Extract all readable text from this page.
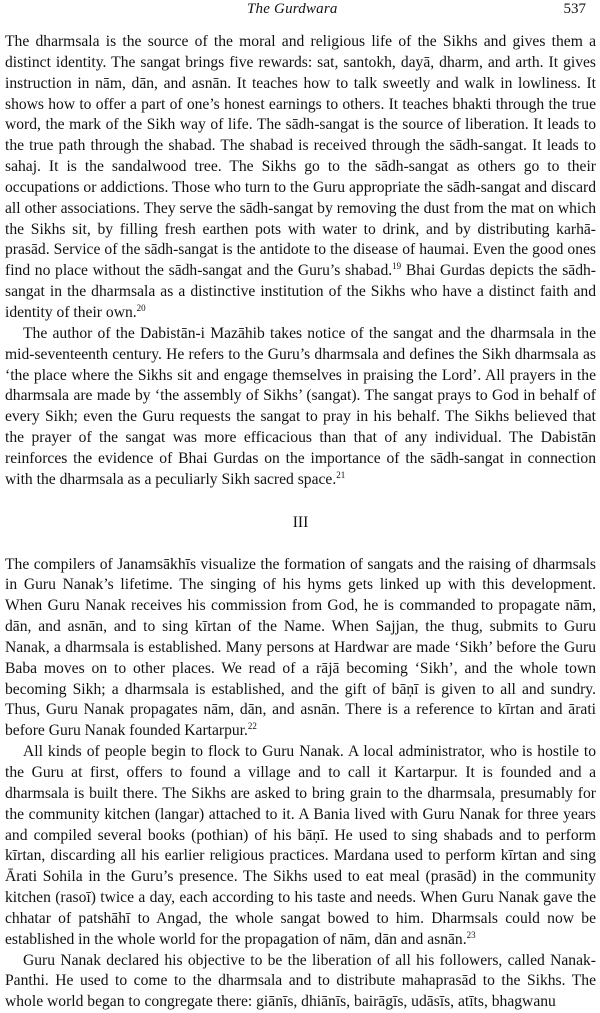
The Gurdwara	537

The dharmsala is the source of the moral and religious life of the Sikhs and gives them a distinct identity. The sangat brings five rewards: sat, santokh, dayā, dharm, and arth. It gives instruction in nām, dān, and asnān. It teaches how to talk sweetly and walk in lowliness. It shows how to offer a part of one’s honest earnings to others. It teaches bhakti through the true word, the mark of the Sikh way of life. The sādh-sangat is the source of liberation. It leads to the true path through the shabad. The shabad is received through the sādh-sangat. It leads to sahaj. It is the sandalwood tree. The Sikhs go to the sādh-sangat as others go to their occupations or addictions. Those who turn to the Guru appropriate the sādh-sangat and discard all other associations. They serve the sādh-sangat by removing the dust from the mat on which the Sikhs sit, by filling fresh earthen pots with water to drink, and by distributing karhā-prasād. Service of the sādh-sangat is the antidote to the disease of haumai. Even the good ones find no place without the sādh-sangat and the Guru’s shabad.$^{19}$ Bhai Gurdas depicts the sādh-sangat in the dharmsala as a distinctive institution of the Sikhs who have a distinct faith and identity of their own.$^{20}$

The author of the Dabistān-i Mazāhib takes notice of the sangat and the dharmsala in the mid-seventeenth century. He refers to the Guru’s dharmsala and defines the Sikh dharmsala as ‘the place where the Sikhs sit and engage themselves in praising the Lord’. All prayers in the dharmsala are made by ‘the assembly of Sikhs’ (sangat). The sangat prays to God in behalf of every Sikh; even the Guru requests the sangat to pray in his behalf. The Sikhs believed that the prayer of the sangat was more efficacious than that of any individual. The Dabistān reinforces the evidence of Bhai Gurdas on the importance of the sādh-sangat in connection with the dharmsala as a peculiarly Sikh sacred space.$^{21}$

III

The compilers of Janamsākhīs visualize the formation of sangats and the raising of dharmsals in Guru Nanak’s lifetime. The singing of his hyms gets linked up with this development. When Guru Nanak receives his commission from God, he is commanded to propagate nām, dān, and asnān, and to sing kīrtan of the Name. When Sajjan, the thug, submits to Guru Nanak, a dharmsala is established. Many persons at Hardwar are made ‘Sikh’ before the Guru Baba moves on to other places. We read of a rājā becoming ‘Sikh’, and the whole town becoming Sikh; a dharmsala is established, and the gift of bāṇī is given to all and sundry. Thus, Guru Nanak propagates nām, dān, and asnān. There is a reference to kīrtan and ārati before Guru Nanak founded Kartarpur.$^{22}$

All kinds of people begin to flock to Guru Nanak. A local administrator, who is hostile to the Guru at first, offers to found a village and to call it Kartarpur. It is founded and a dharmsala is built there. The Sikhs are asked to bring grain to the dharmsala, presumably for the community kitchen (langar) attached to it. A Bania lived with Guru Nanak for three years and compiled several books (pothian) of his bāṇī. He used to sing shabads and to perform kīrtan, discarding all his earlier religious practices. Mardana used to perform kīrtan and sing Ārati Sohila in the Guru’s presence. The Sikhs used to eat meal (prasād) in the community kitchen (rasoī) twice a day, each according to his taste and needs. When Guru Nanak gave the chhatar of patshāhī to Angad, the whole sangat bowed to him. Dharmsals could now be established in the whole world for the propagation of nām, dān and asnān.$^{23}$

Guru Nanak declared his objective to be the liberation of all his followers, called Nanak-Panthi. He used to come to the dharmsala and to distribute mahaprasād to the Sikhs. The whole world began to congregate there: giānīs, dhiānīs, bairāgīs, udāsīs, atīts, bhagwanu
